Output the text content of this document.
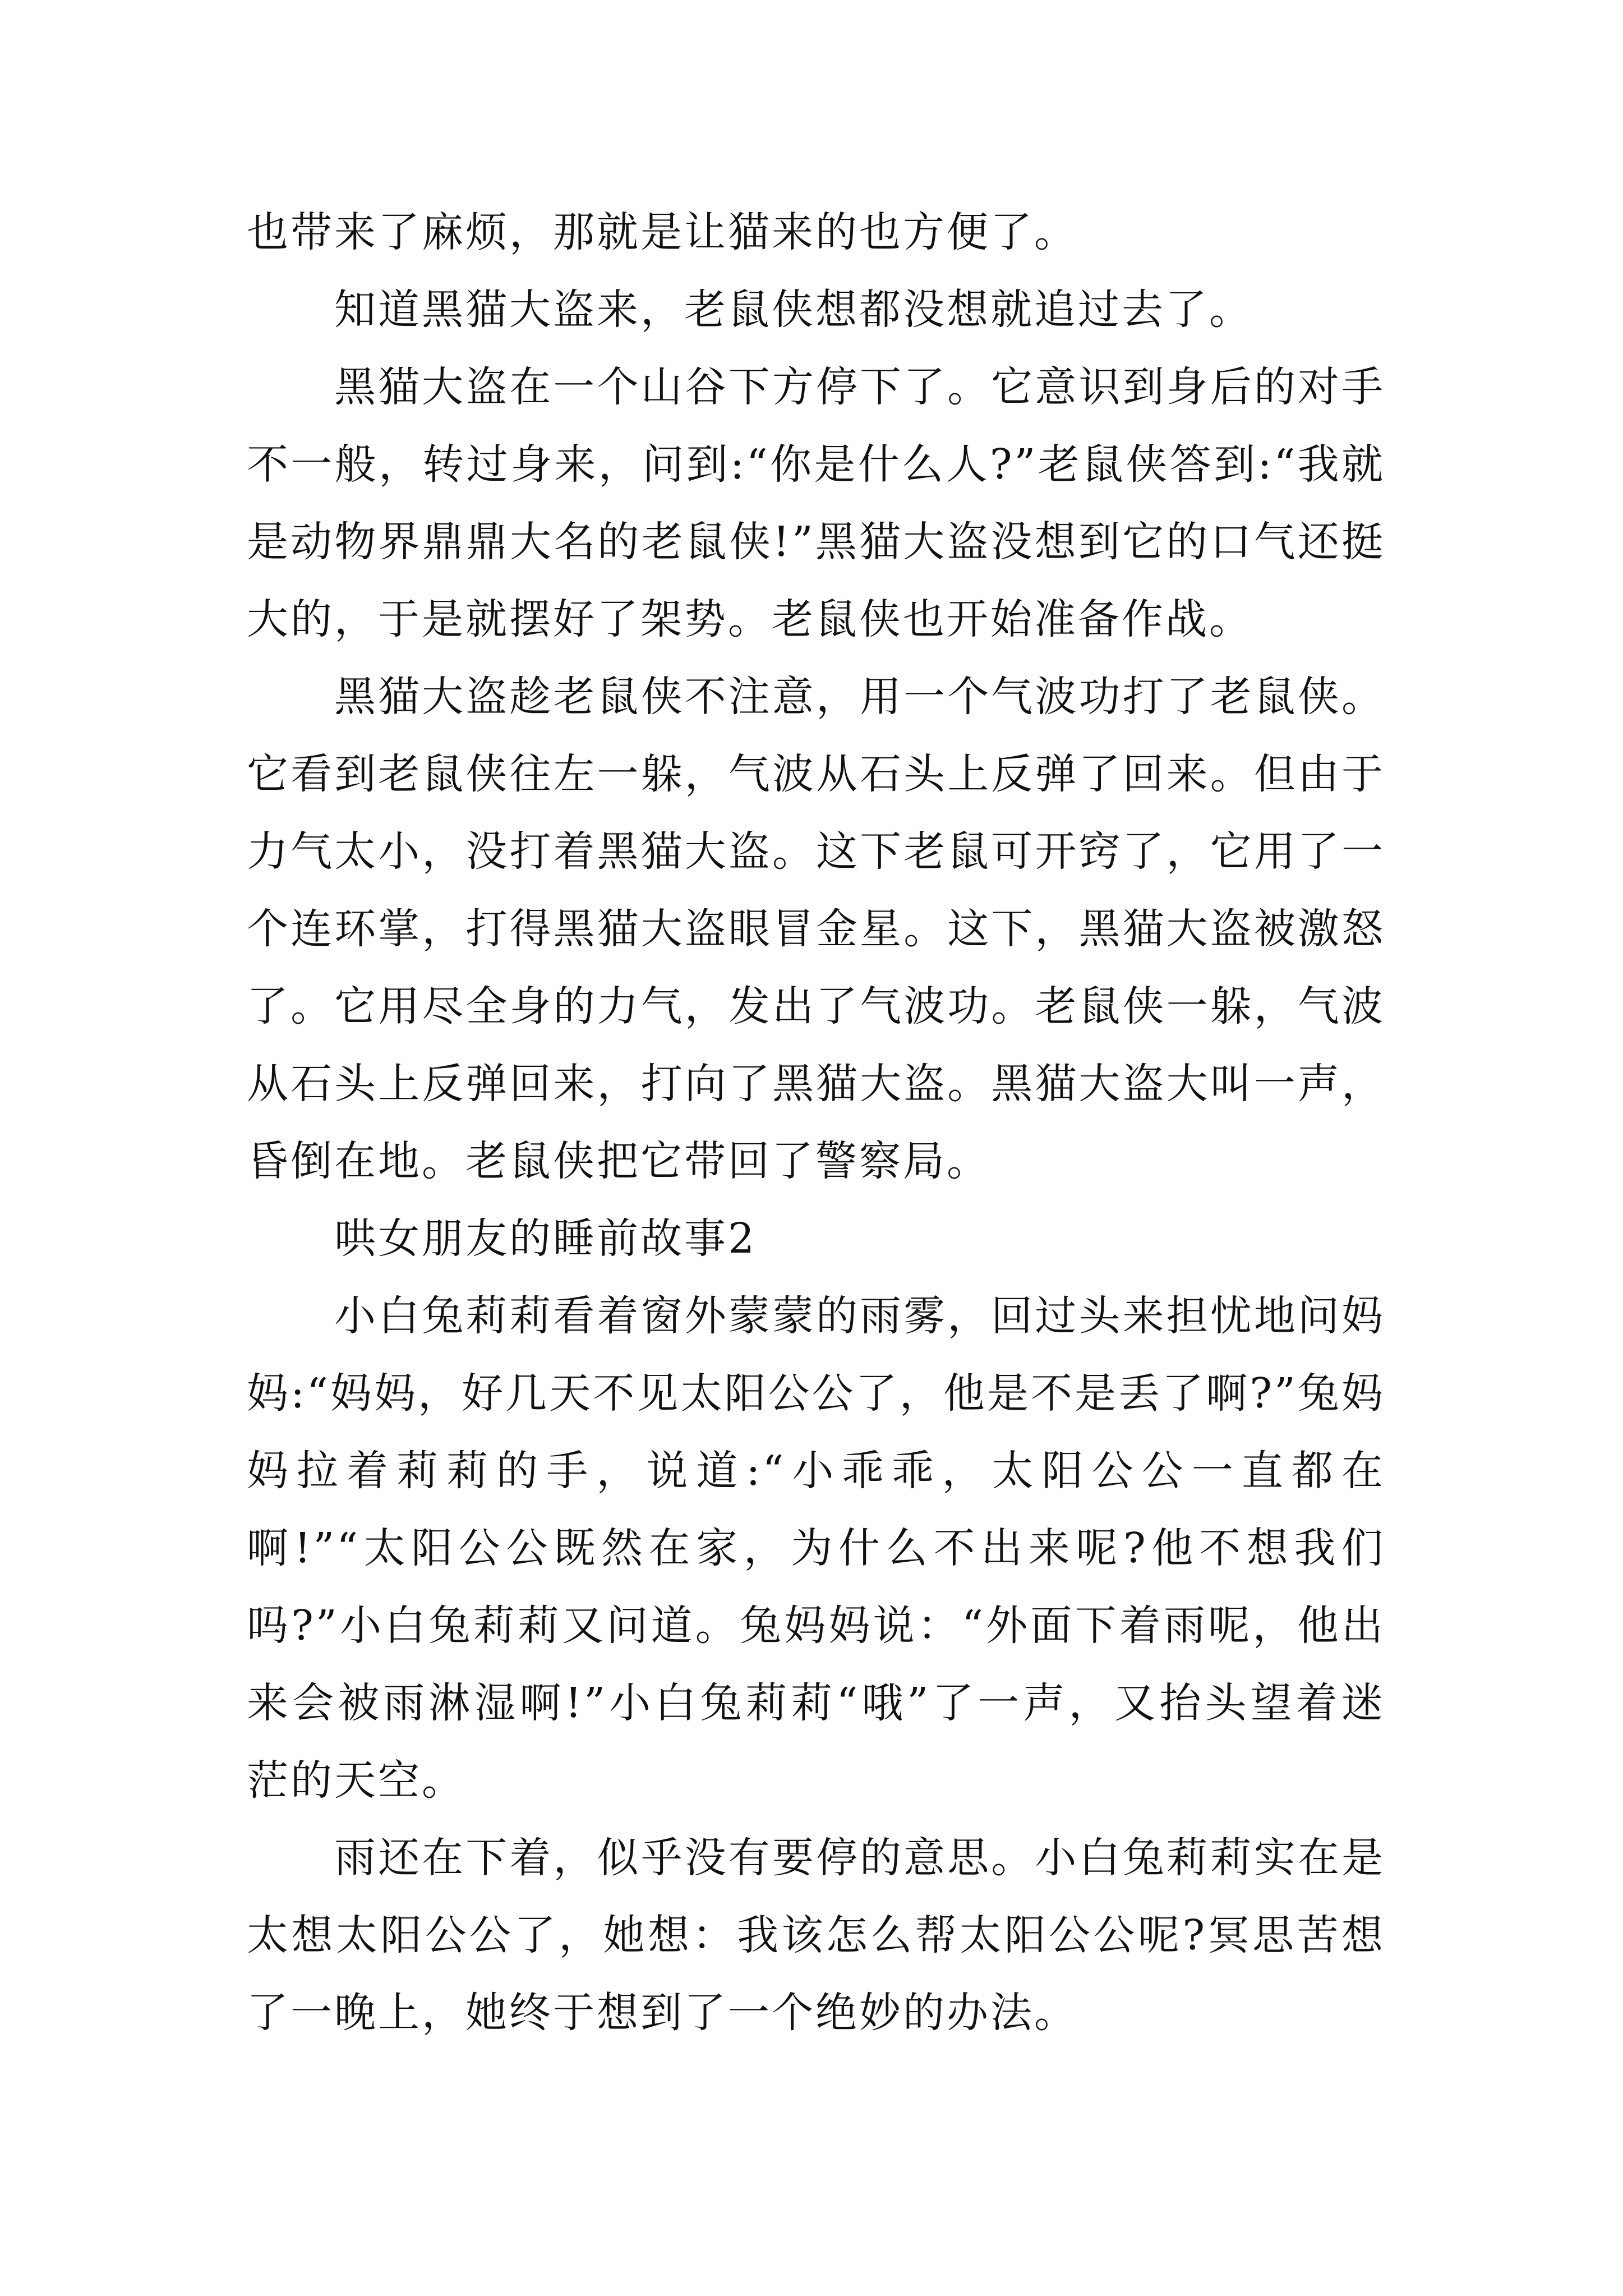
也带来了麻烦，那就是让猫来的也方便了。

知道黑猫大盗来，老鼠侠想都没想就追过去了。

黑猫大盗在一个山谷下方停下了。它意识到身后的对手不一般，转过身来，问到:“你是什么人?”老鼠侠答到:“我就是动物界鼎鼎大名的老鼠侠!”黑猫大盗没想到它的口气还挺大的，于是就摆好了架势。老鼠侠也开始准备作战。

黑猫大盗趁老鼠侠不注意，用一个气波功打了老鼠侠。它看到老鼠侠往左一躲，气波从石头上反弹了回来。但由于力气太小，没打着黑猫大盗。这下老鼠可开窍了，它用了一个连环掌，打得黑猫大盗眼冒金星。这下，黑猫大盗被激怒了。它用尽全身的力气，发出了气波功。老鼠侠一躲，气波从石头上反弹回来，打向了黑猫大盗。黑猫大盗大叫一声，昏倒在地。老鼠侠把它带回了警察局。

哄女朋友的睡前故事2

小白兔莉莉看着窗外蒙蒙的雨雾，回过头来担忧地问妈妈:“妈妈，好几天不见太阳公公了，他是不是丢了啊?”兔妈妈拉着莉莉的手，说道:“小乖乖，太阳公公一直都在啊!”“太阳公公既然在家，为什么不出来呢?他不想我们吗?”小白兔莉莉又问道。兔妈妈说：“外面下着雨呢，他出来会被雨淋湿啊!”小白兔莉莉“哦”了一声，又抬头望着迷茫的天空。

雨还在下着，似乎没有要停的意思。小白兔莉莉实在是太想太阳公公了，她想：我该怎么帮太阳公公呢?冥思苦想了一晚上，她终于想到了一个绝妙的办法。
